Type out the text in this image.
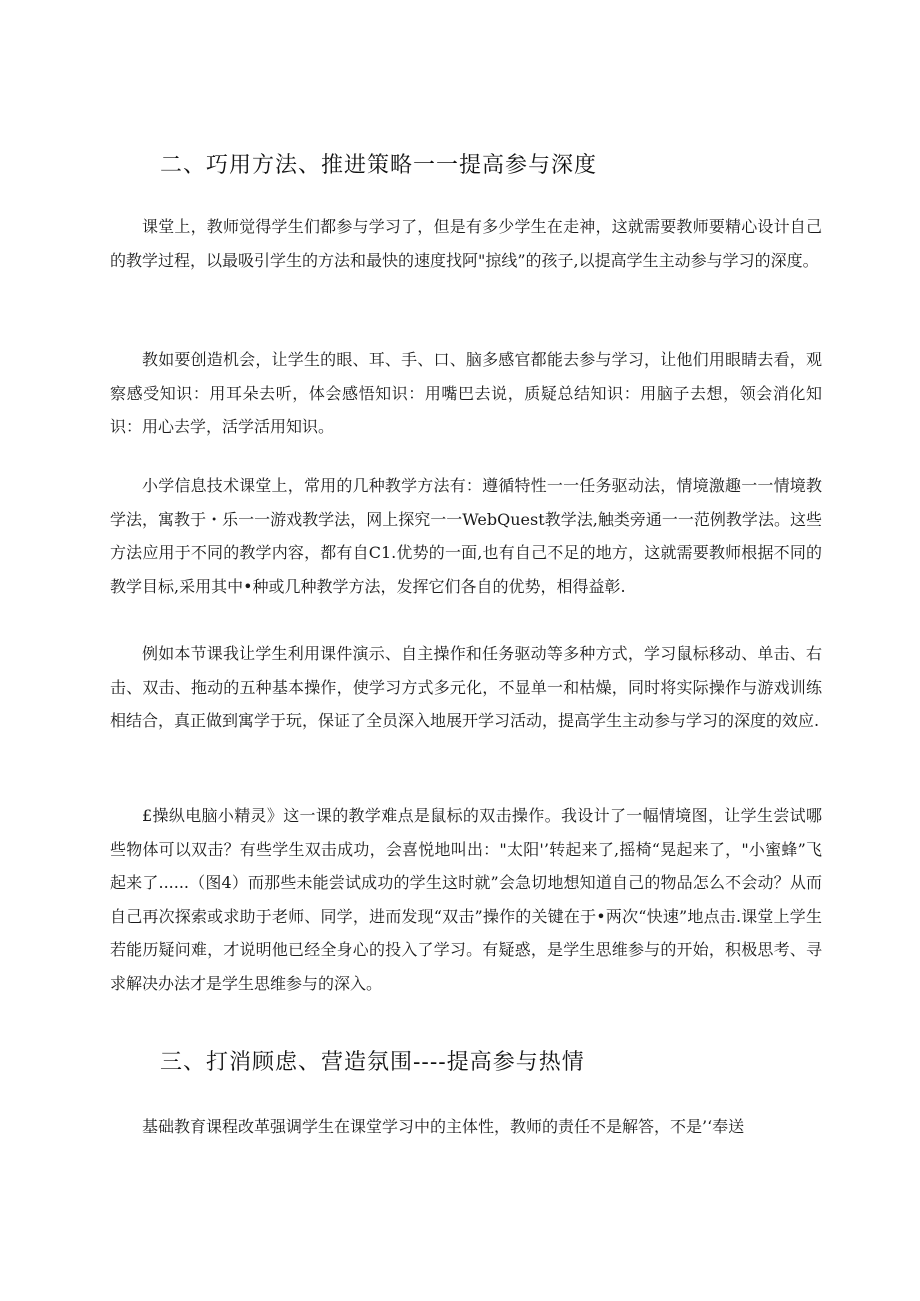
二、巧用方法、推进策略一一提高参与深度

课堂上，教师觉得学生们都参与学习了，但是有多少学生在走神，这就需要教师要精心设计自己的教学过程，以最吸引学生的方法和最快的速度找阿"掠线”的孩子,以提高学生主动参与学习的深度。

教如要创造机会，让学生的眼、耳、手、口、脑多感官都能去参与学习，让他们用眼睛去看，观察感受知识：用耳朵去听，体会感悟知识：用嘴巴去说，质疑总结知识：用脑子去想，领会消化知识：用心去学，活学活用知识。

小学信息技术课堂上，常用的几种教学方法有：遵循特性一一任务驱动法，情境激趣一一情境教学法，寓教于・乐一一游戏教学法，网上探究一一WebQuest教学法,触类旁通一一范例教学法。这些方法应用于不同的教学内容，都有自C1.优势的一面,也有自己不足的地方，这就需要教师根据不同的教学目标,采用其中•种或几种教学方法，发挥它们各自的优势，相得益彰.

例如本节课我让学生利用课件演示、自主操作和任务驱动等多种方式，学习鼠标移动、单击、右击、双击、拖动的五种基本操作，使学习方式多元化，不显单一和枯燥，同时将实际操作与游戏训练相结合，真正做到寓学于玩，保证了全员深入地展开学习活动，提高学生主动参与学习的深度的效应.

£操纵电脑小精灵》这一课的教学难点是鼠标的双击操作。我设计了一幅情境图，让学生尝试哪些物体可以双击？有些学生双击成功，会喜悦地叫出："太阳'’转起来了,摇椅“晃起来了，"小蜜蜂”飞起来了......（图4）而那些未能尝试成功的学生这时就”会急切地想知道自己的物品怎么不会动？从而自己再次探索或求助于老师、同学，进而发现“双击”操作的关键在于•两次“快速”地点击.课堂上学生若能历疑问难，才说明他已经全身心的投入了学习。有疑惑，是学生思维参与的开始，积极思考、寻求解决办法才是学生思维参与的深入。

三、打消顾虑、营造氛围----提高参与热情

基础教育课程改革强调学生在课堂学习中的主体性，教师的责任不是解答，不是’‘奉送
